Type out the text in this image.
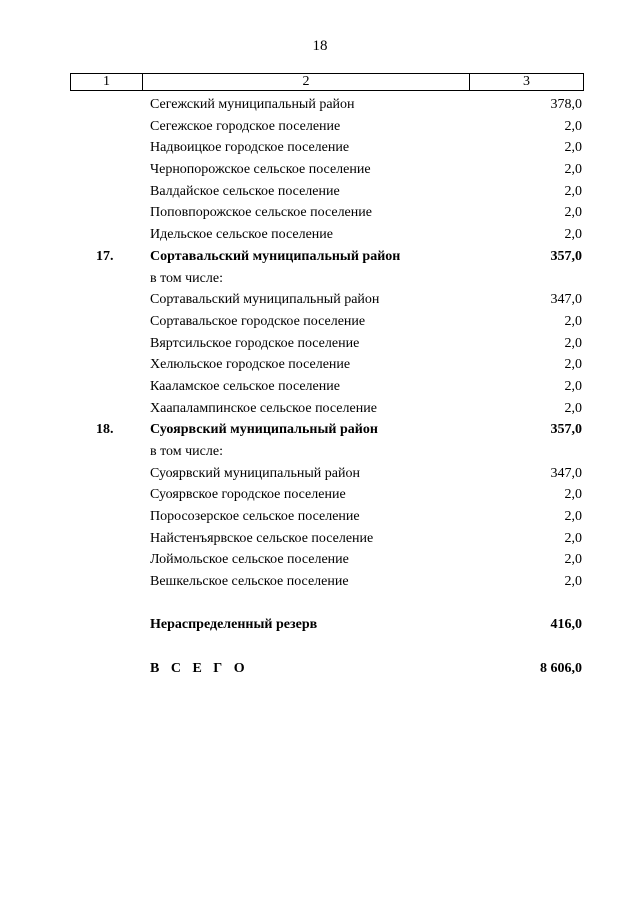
18
1	2	3
Сегежский муниципальный район	378,0
Сегежское городское поселение	2,0
Надвоицкое городское поселение	2,0
Чернопорожское сельское поселение	2,0
Валдайское сельское поселение	2,0
Поповпорожское сельское поселение	2,0
Идельское сельское поселение	2,0
17.	Сортавальский муниципальный район	357,0
в том числе:
Сортавальский муниципальный район	347,0
Сортавальское городское поселение	2,0
Вяртсильское городское поселение	2,0
Хелюльское городское поселение	2,0
Кааламское сельское поселение	2,0
Хаапалампинское сельское поселение	2,0
18.	Суоярвский муниципальный район	357,0
в том числе:
Суоярвский муниципальный район	347,0
Суоярвское городское поселение	2,0
Поросозерское сельское поселение	2,0
Найстенъярвское сельское поселение	2,0
Лоймольское сельское поселение	2,0
Вешкельское сельское поселение	2,0
Нераспределенный резерв	416,0
В С Е Г О	8 606,0
